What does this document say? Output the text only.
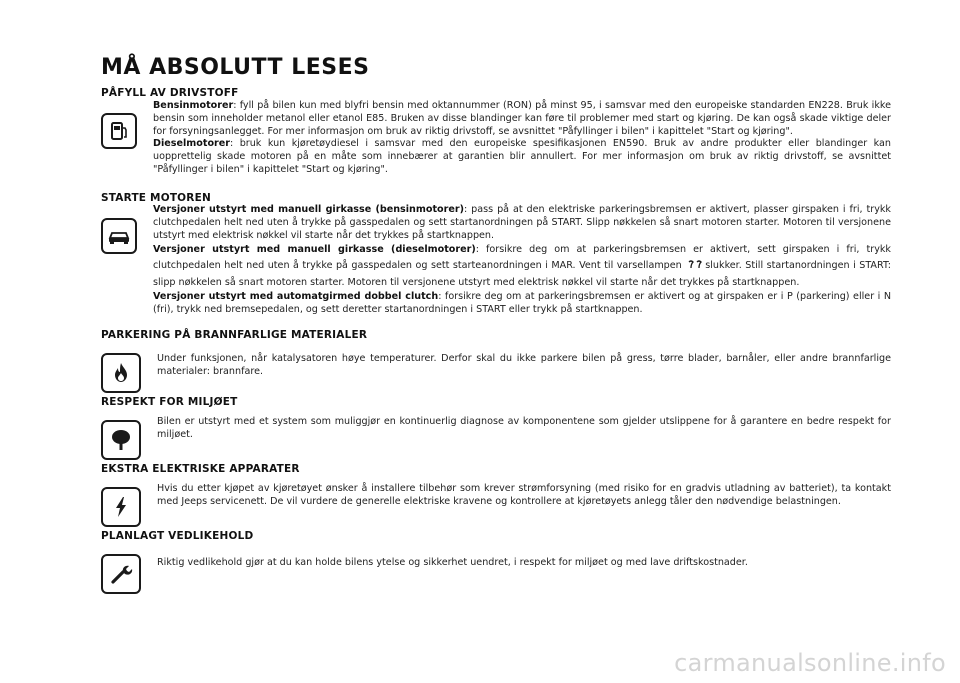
MÅ ABSOLUTT LESES
PÅFYLL AV DRIVSTOFF

Bensinmotorer: fyll på bilen kun med blyfri bensin med oktannummer (RON) på minst 95, i samsvar med den europeiske standarden EN228. Bruk ikke bensin som inneholder metanol eller etanol E85. Bruken av disse blandinger kan føre til problemer med start og kjøring. De kan også skade viktige deler for forsyningsanlegget. For mer informasjon om bruk av riktig drivstoff, se avsnittet "Påfyllinger i bilen" i kapittelet "Start og kjøring".

Dieselmotorer: bruk kun kjøretøydiesel i samsvar med den europeiske spesifikasjonen EN590. Bruk av andre produkter eller blandinger kan uopprettelig skade motoren på en måte som innebærer at garantien blir annullert. For mer informasjon om bruk av riktig drivstoff, se avsnittet "Påfyllinger i bilen" i kapittelet "Start og kjøring".

STARTE MOTOREN

Versjoner utstyrt med manuell girkasse (bensinmotorer): pass på at den elektriske parkeringsbremsen er aktivert, plasser girspaken i fri, trykk clutchpedalen helt ned uten å trykke på gasspedalen og sett startanordningen på START. Slipp nøkkelen så snart motoren starter. Motoren til versjonene utstyrt med elektrisk nøkkel vil starte når det trykkes på startknappen.

Versjoner utstyrt med manuell girkasse (dieselmotorer): forsikre deg om at parkeringsbremsen er aktivert, sett girspaken i fri, trykk clutchpedalen helt ned uten å trykke på gasspedalen og sett starteanordningen i MAR. Vent til varsellampen slukker. Still startanordningen i START: slipp nøkkelen så snart motoren starter. Motoren til versjonene utstyrt med elektrisk nøkkel vil starte når det trykkes på startknappen.

Versjoner utstyrt med automatgirmed dobbel clutch: forsikre deg om at parkeringsbremsen er aktivert og at girspaken er i P (parkering) eller i N (fri), trykk ned bremsepedalen, og sett deretter startanordningen i START eller trykk på startknappen.

PARKERING PÅ BRANNFARLIGE MATERIALER

Under funksjonen, når katalysatoren høye temperaturer. Derfor skal du ikke parkere bilen på gress, tørre blader, barnåler, eller andre brannfarlige materialer: brannfare.

RESPEKT FOR MILJØET

Bilen er utstyrt med et system som muliggjør en kontinuerlig diagnose av komponentene som gjelder utslippene for å garantere en bedre respekt for miljøet.

EKSTRA ELEKTRISKE APPARATER

Hvis du etter kjøpet av kjøretøyet ønsker å installere tilbehør som krever strømforsyning (med risiko for en gradvis utladning av batteriet), ta kontakt med Jeeps servicenett. De vil vurdere de generelle elektriske kravene og kontrollere at kjøretøyets anlegg tåler den nødvendige belastningen.

PLANLAGT VEDLIKEHOLD

Riktig vedlikehold gjør at du kan holde bilens ytelse og sikkerhet uendret, i respekt for miljøet og med lave driftskostnader.

carmanualsonline.info
